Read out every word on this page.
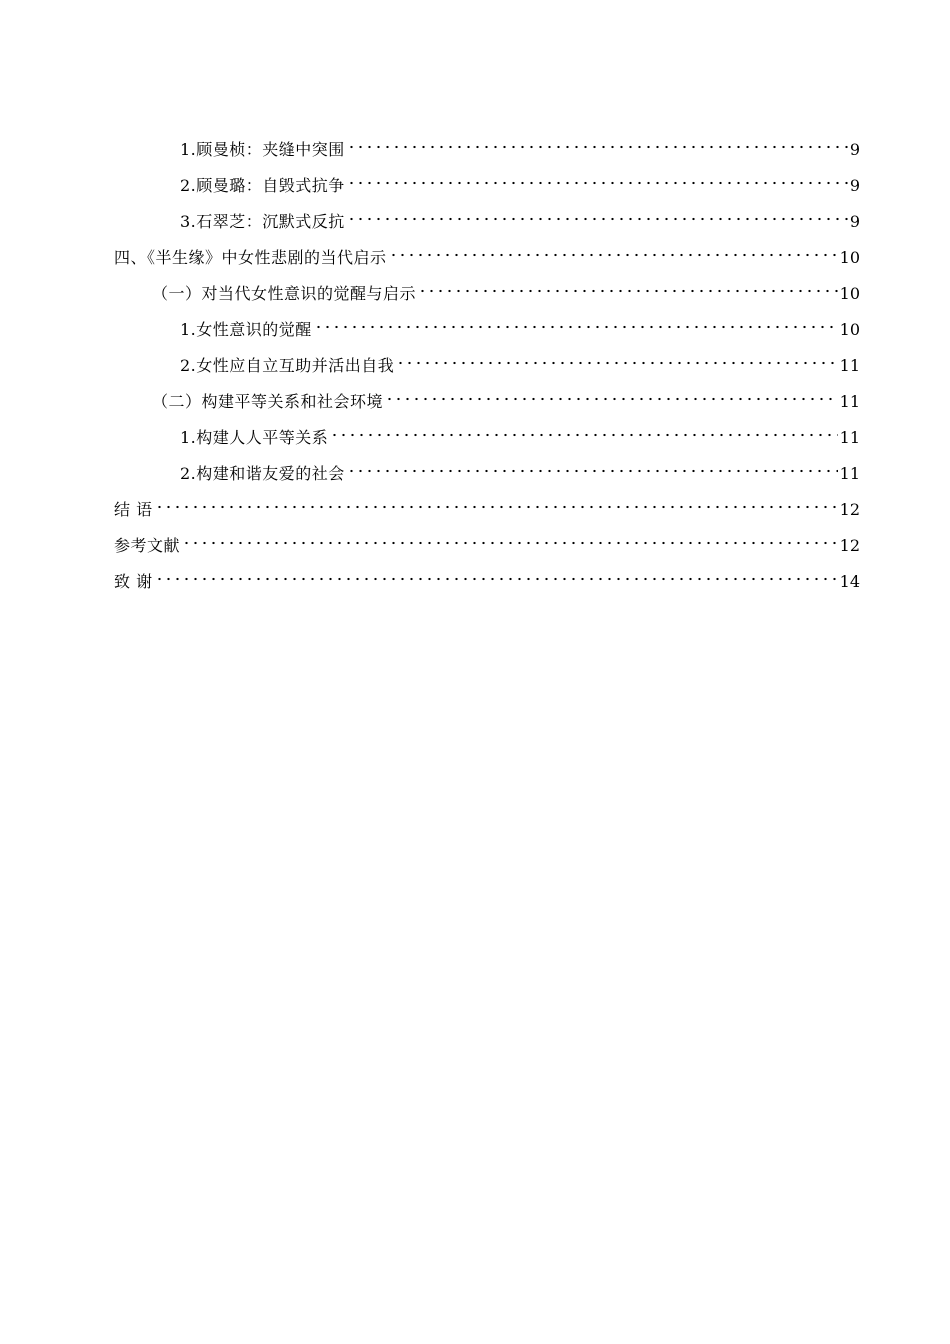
1.顾曼桢：夹缝中突围	9
2.顾曼璐：自毁式抗争	9
3.石翠芝：沉默式反抗	9
四、《半生缘》中女性悲剧的当代启示	10
（一）对当代女性意识的觉醒与启示	10
1.女性意识的觉醒	10
2.女性应自立互助并活出自我	11
（二）构建平等关系和社会环境	11
1.构建人人平等关系	11
2.构建和谐友爱的社会	11
结 语	12
参考文献	12
致 谢	14
